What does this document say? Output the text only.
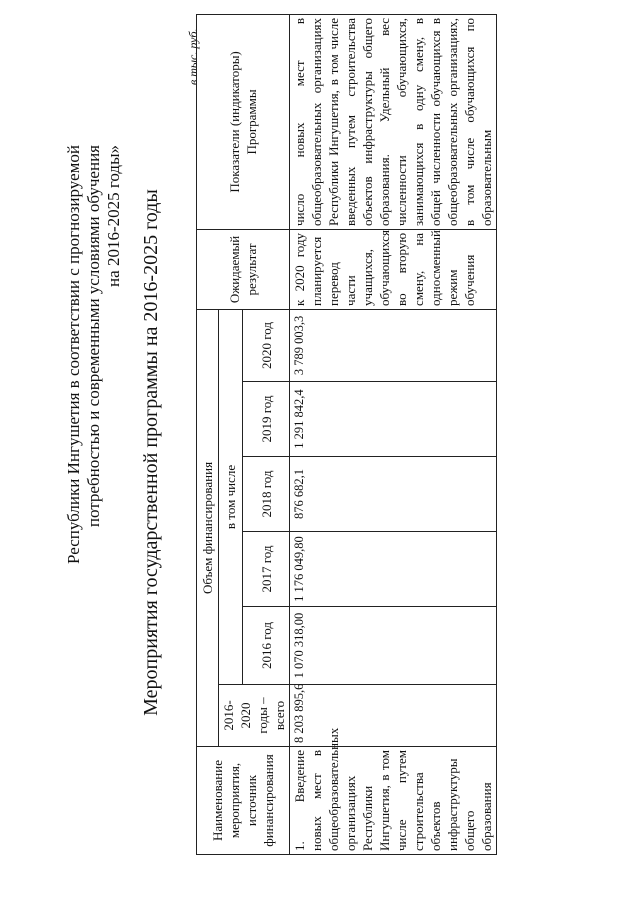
Республики Ингушетия в соответствии с прогнозируемой потребностью и современными условиями обучения на 2016-2025 годы» Мероприятия государственной программы на 2016-2025 годы
в тыс. руб.
Наименование мероприятия, источник финансирования	Объем финансирования						Ожидаемый результат	Показатели (индикаторы) Программы
	2016-2020 годы – всего	в том числе						
		2016 год	2017 год	2018 год	2019 год	2020 год		
1. Введение новых мест в общеобразовательных организациях Республики Ингушетия, в том числе путем строительства объектов инфраструктуры общего образования	8 203 895,6	1 070 318,00	1 176 049,80	876 682,1	1 291 842,4	3 789 003,3	к 2020 году планируется перевод части учащихся, обучающихся во вторую смену, на односменный режим обучения	число новых мест в общеобразовательных организациях Республики Ингушетия, в том числе введенных путем строительства объектов инфраструктуры общего образования. Удельный вес численности обучающихся, занимающихся в одну смену, в общей численности обучающихся в общеобразовательных организациях, в том числе обучающихся по образовательным
